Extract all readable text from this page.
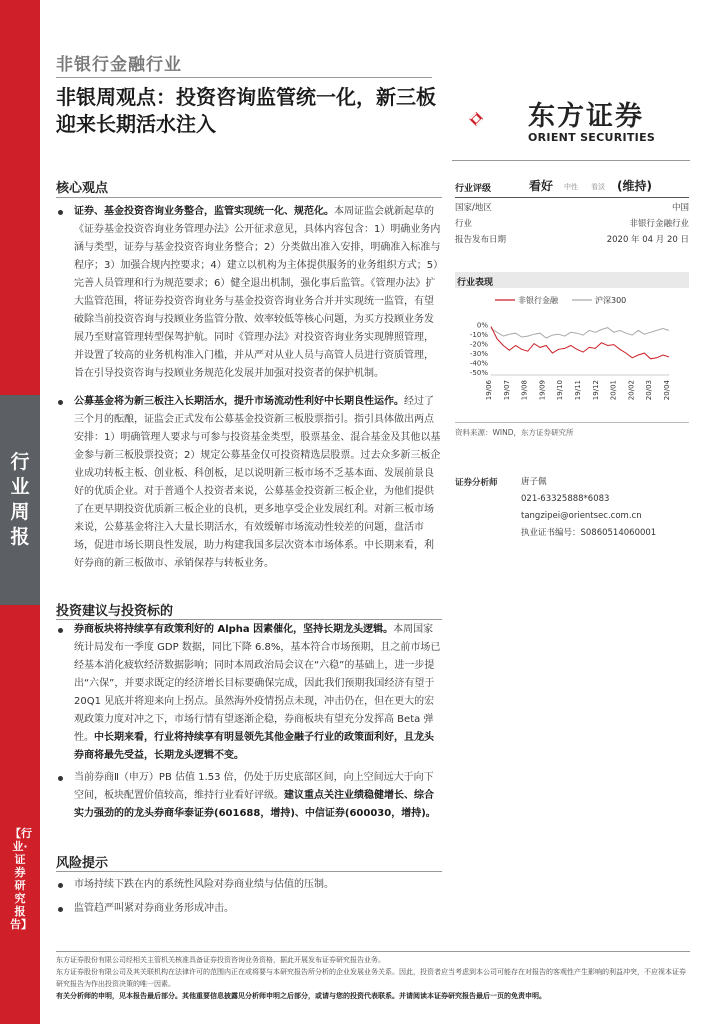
行业周报
【行业·证券研究报告】
非银行金融行业
非银周观点：投资咨询监管统一化，新三板迎来长期活水注入	东方证券
ORIENT SECURITIES
核心观点
证券、基金投资咨询业务整合，监管实现统一化、规范化。本周证监会就新起草的《证券基金投资咨询业务管理办法》公开征求意见，具体内容包含：1）明确业务内涵与类型，证券与基金投资咨询业务整合；2）分类做出准入安排，明确准入标准与程序；3）加强合规内控要求；4）建立以机构为主体提供服务的业务组织方式；5）完善人员管理和行为规范要求；6）健全退出机制，强化事后监管。《管理办法》扩大监管范围，将证券投资咨询业务与基金投资咨询业务合并并实现统一监管，有望破除当前投资咨询与投顾业务监管分散、效率较低等核心问题，为买方投顾业务发展乃至财富管理转型保驾护航。同时《管理办法》对投资咨询业务实现牌照管理，并设置了较高的业务机构准入门槛，并从严对从业人员与高管人员进行资质管理，旨在引导投资咨询与投顾业务规范化发展并加强对投资者的保护机制。
公募基金将为新三板注入长期活水，提升市场流动性利好中长期良性运作。经过了三个月的酝酿，证监会正式发布公募基金投资新三板股票指引。指引具体做出两点安排：1）明确管理人要求与可参与投资基金类型，股票基金、混合基金及其他以基金参与新三板股票投资；2）规定公募基金仅可投资精选层股票。过去众多新三板企业成功转板主板、创业板、科创板，足以说明新三板市场不乏基本面、发展前景良好的优质企业。对于普通个人投资者来说，公募基金投资新三板企业，为他们提供了在更早期投资优质新三板企业的良机，更多地享受企业发展红利。对新三板市场来说，公募基金将注入大量长期活水，有效缓解市场流动性较差的问题，盘活市场，促进市场长期良性发展，助力构建我国多层次资本市场体系。中长期来看，利好券商的新三板做市、承销保荐与转板业务。
投资建议与投资标的
券商板块将持续享有政策利好的 Alpha 因素催化，坚持长期龙头逻辑。本周国家统计局发布一季度 GDP 数据，同比下降 6.8%，基本符合市场预期，且之前市场已经基本消化疲软经济数据影响；同时本周政治局会议在“六稳”的基础上，进一步提出“六保”，并要求既定的经济增长目标要确保完成，因此我们预期我国经济有望于 20Q1 见底并将迎来向上拐点。虽然海外疫情拐点未现，冲击仍在，但在更大的宏观政策力度对冲之下，市场行情有望逐渐企稳，券商板块有望充分发挥高 Beta 弹性。中长期来看，行业将持续享有明显领先其他金融子行业的政策面利好，且龙头券商将最先受益，长期龙头逻辑不变。
当前券商Ⅱ（申万）PB 估值 1.53 倍，仍处于历史底部区间，向上空间远大于向下空间，板块配置价值较高，维持行业看好评级。建议重点关注业绩稳健增长、综合实力强劲的的龙头券商华泰证券(601688，增持)、中信证券(600030，增持)。
风险提示
市场持续下跌在内的系统性风险对券商业绩与估值的压制。
监管趋严叫紧对券商业务形成冲击。
行业评级	看好 中性 看淡 (维持)
国家/地区	中国
行业	非银行金融行业
报告发布日期	2020 年 04 月 20 日
行业表现
非银行金融	沪深300
0%
-10%
-20%
-30%
-40%
-50%
19/06 19/07 19/08 19/09 19/10 19/11 19/12 20/01 20/02 20/03 20/04
资料来源：WIND，东方证券研究所
证券分析师	唐子佩
021-63325888*6083
tangzipei@orientsec.com.cn
执业证书编号：S0860514060001
东方证券股份有限公司经相关主管机关核准具备证券投资咨询业务资格，据此开展发布证券研究报告业务。
东方证券股份有限公司及其关联机构在法律许可的范围内正在或将要与本研究报告所分析的企业发展业务关系。因此，投资者应当考虑到本公司可能存在对报告的客观性产生影响的利益冲突，不应视本证券研究报告为作出投资决策的唯一因素。
有关分析师的申明，见本报告最后部分。其他重要信息披露见分析师申明之后部分，或请与您的投资代表联系。并请阅读本证券研究报告最后一页的免责申明。
